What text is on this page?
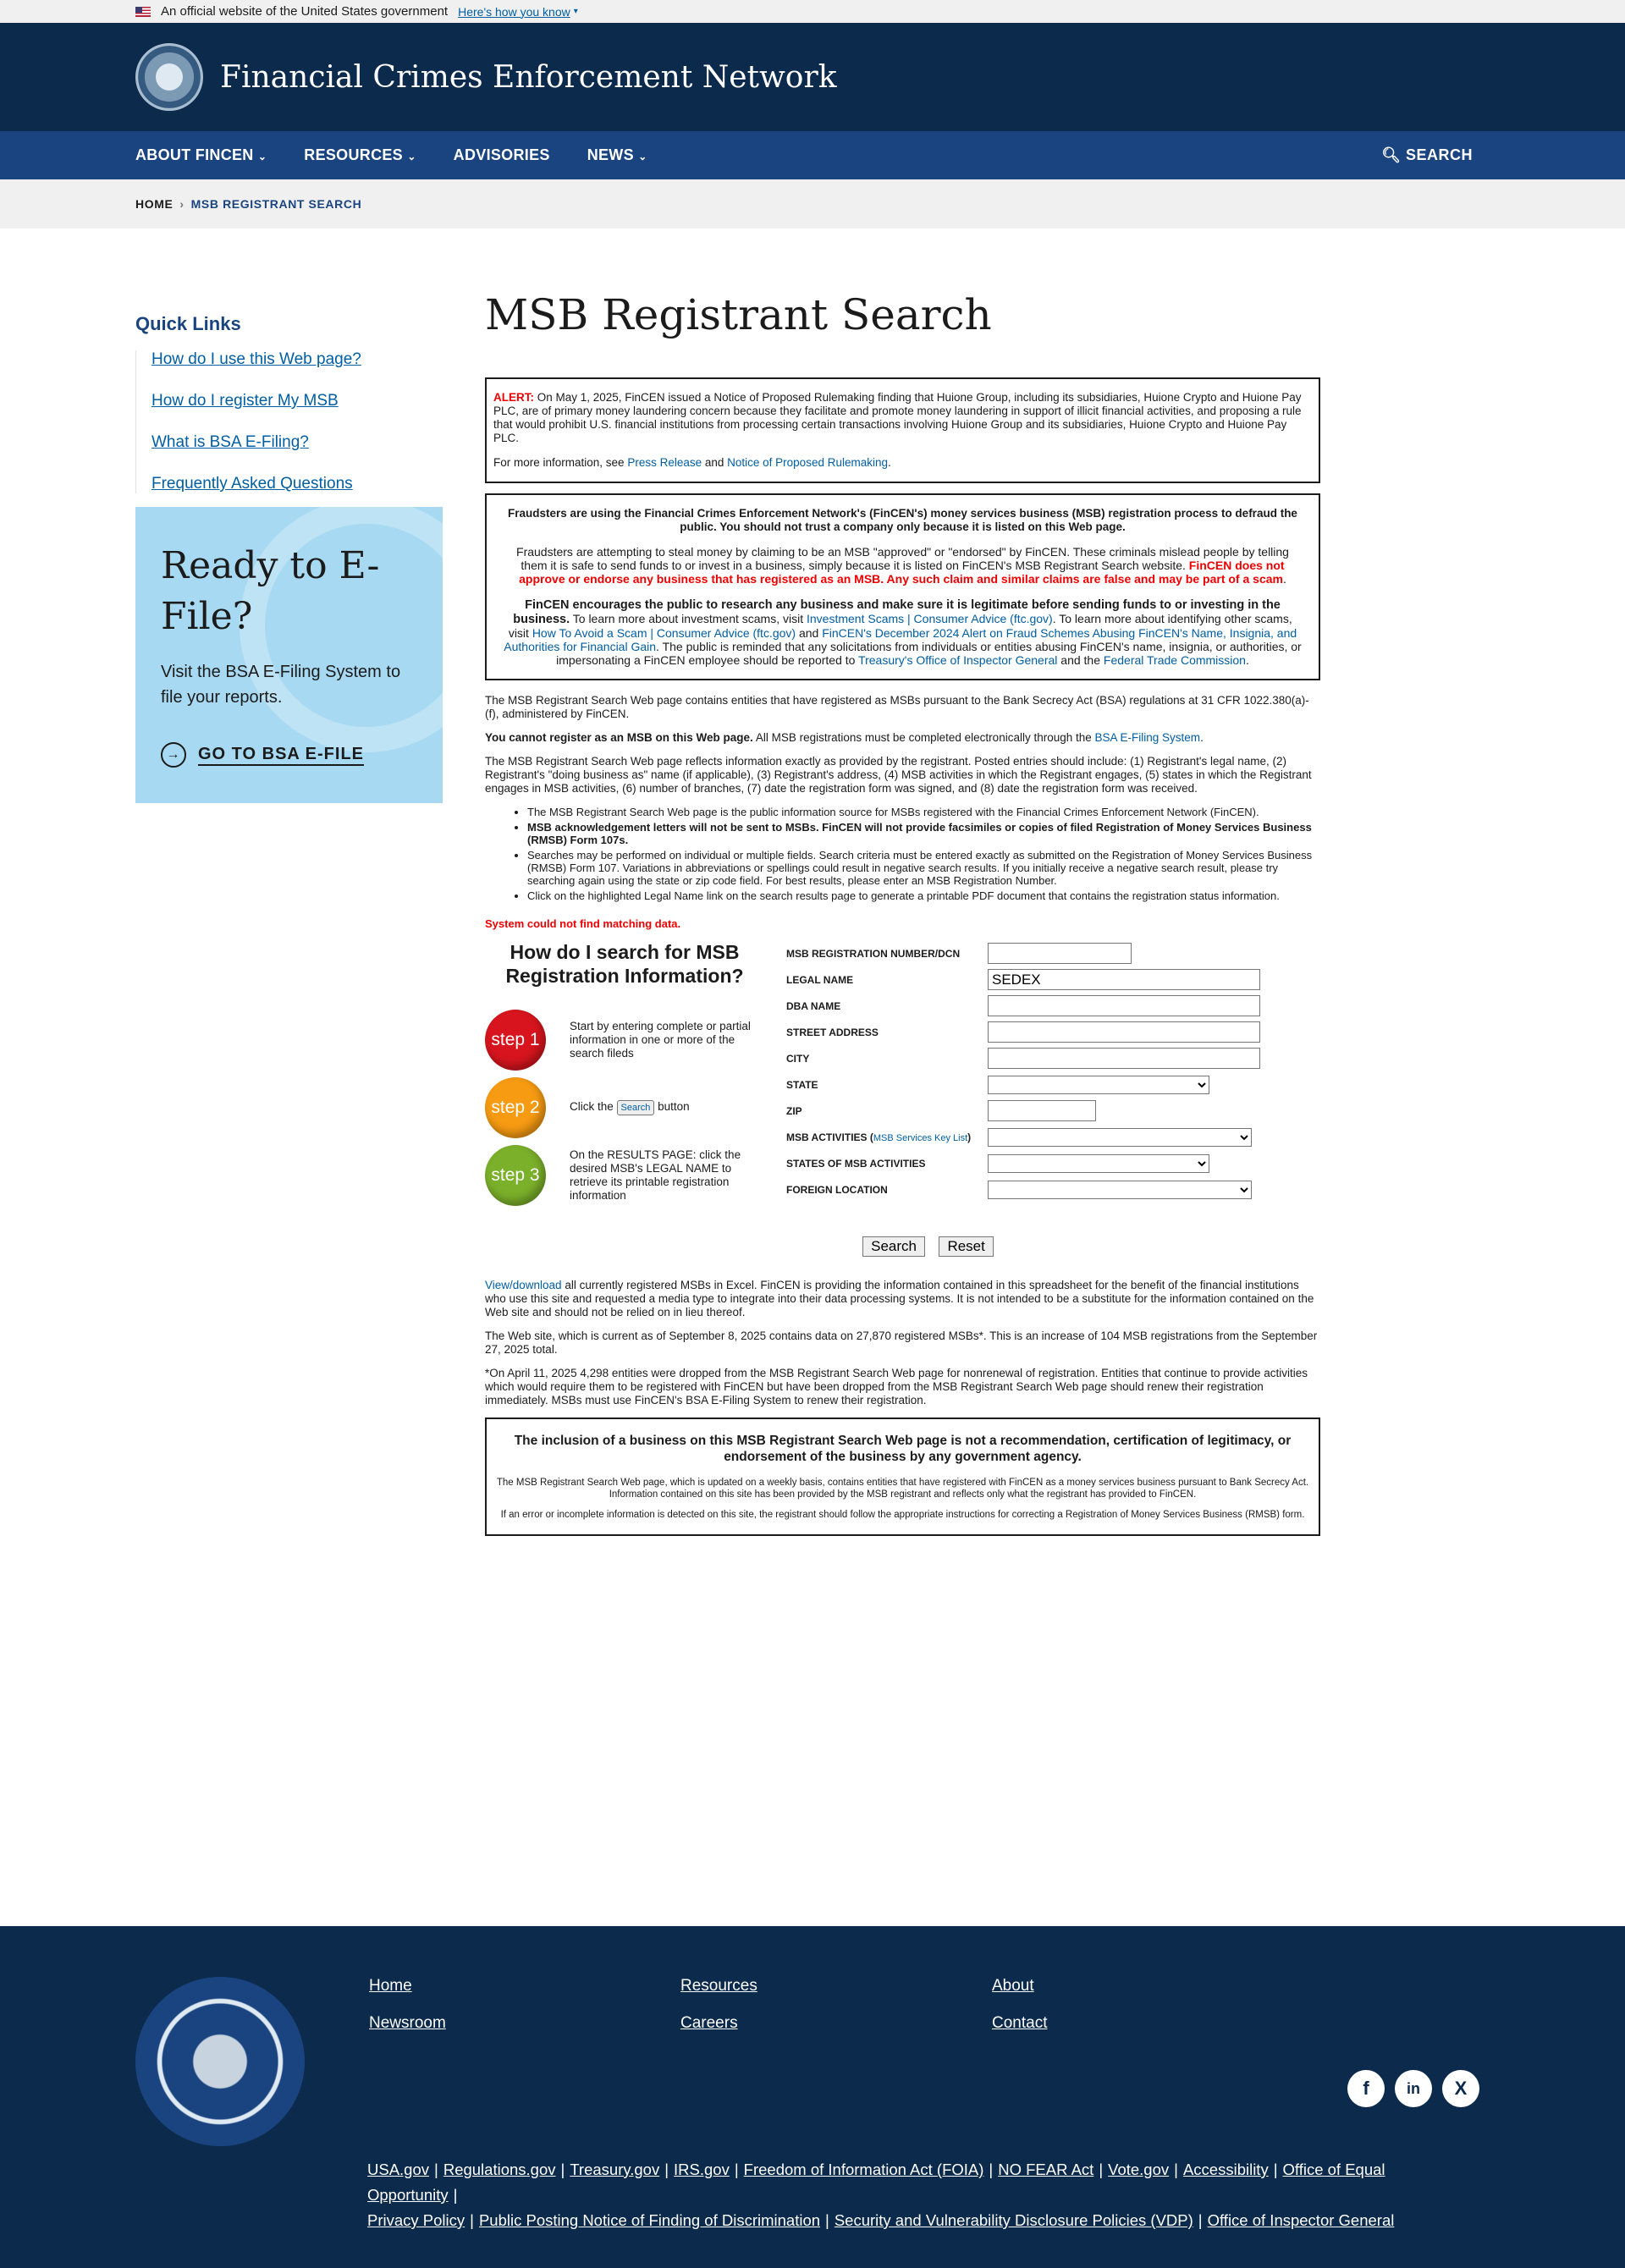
An official website of the United States government Here's how you know ▾
Financial Crimes Enforcement Network
ABOUT FINCEN ⌄ RESOURCES ⌄ ADVISORIES NEWS ⌄	🔍︎ SEARCH
HOME › MSB REGISTRANT SEARCH
Quick Links
How do I use this Web page?
How do I register My MSB
What is BSA E-Filing?
Frequently Asked Questions
Ready to E-File?

Visit the BSA E-Filing System to file your reports.

→	GO TO BSA E-FILE
MSB Registrant Search

ALERT: On May 1, 2025, FinCEN issued a Notice of Proposed Rulemaking finding that Huione Group, including its subsidiaries, Huione Crypto and Huione Pay PLC, are of primary money laundering concern because they facilitate and promote money laundering in support of illicit financial activities, and proposing a rule that would prohibit U.S. financial institutions from processing certain transactions involving Huione Group and its subsidiaries, Huione Crypto and Huione Pay PLC.

For more information, see Press Release and Notice of Proposed Rulemaking.

Fraudsters are using the Financial Crimes Enforcement Network's (FinCEN's) money services business (MSB) registration process to defraud the public. You should not trust a company only because it is listed on this Web page.

Fraudsters are attempting to steal money by claiming to be an MSB "approved" or "endorsed" by FinCEN. These criminals mislead people by telling them it is safe to send funds to or invest in a business, simply because it is listed on FinCEN's MSB Registrant Search website. FinCEN does not approve or endorse any business that has registered as an MSB. Any such claim and similar claims are false and may be part of a scam.

FinCEN encourages the public to research any business and make sure it is legitimate before sending funds to or investing in the business. To learn more about investment scams, visit Investment Scams | Consumer Advice (ftc.gov). To learn more about identifying other scams, visit How To Avoid a Scam | Consumer Advice (ftc.gov) and FinCEN's December 2024 Alert on Fraud Schemes Abusing FinCEN's Name, Insignia, and Authorities for Financial Gain. The public is reminded that any solicitations from individuals or entities abusing FinCEN's name, insignia, or authorities, or impersonating a FinCEN employee should be reported to Treasury's Office of Inspector General and the Federal Trade Commission.

The MSB Registrant Search Web page contains entities that have registered as MSBs pursuant to the Bank Secrecy Act (BSA) regulations at 31 CFR 1022.380(a)-(f), administered by FinCEN.

You cannot register as an MSB on this Web page. All MSB registrations must be completed electronically through the BSA E-Filing System.

The MSB Registrant Search Web page reflects information exactly as provided by the registrant. Posted entries should include: (1) Registrant's legal name, (2) Registrant's "doing business as" name (if applicable), (3) Registrant's address, (4) MSB activities in which the Registrant engages, (5) states in which the Registrant engages in MSB activities, (6) number of branches, (7) date the registration form was signed, and (8) date the registration form was received.

• The MSB Registrant Search Web page is the public information source for MSBs registered with the Financial Crimes Enforcement Network (FinCEN).
• MSB acknowledgement letters will not be sent to MSBs. FinCEN will not provide facsimiles or copies of filed Registration of Money Services Business (RMSB) Form 107s.
• Searches may be performed on individual or multiple fields. Search criteria must be entered exactly as submitted on the Registration of Money Services Business (RMSB) Form 107. Variations in abbreviations or spellings could result in negative search results. If you initially receive a negative search result, please try searching again using the state or zip code field. For best results, please enter an MSB Registration Number.
• Click on the highlighted Legal Name link on the search results page to generate a printable PDF document that contains the registration status information.
System could not find matching data.
How do I search for MSB Registration Information?
step 1
Start by entering complete or partial information in one or more of the search fileds
step 2	Click the Search button
step 3
On the RESULTS PAGE: click the desired MSB's LEGAL NAME to retrieve its printable registration information
MSB REGISTRATION NUMBER/DCN
LEGAL NAME
SEDEX
DBA NAME
STREET ADDRESS
CITY
STATE
ZIP
MSB ACTIVITIES (MSB Services Key List)
STATES OF MSB ACTIVITIES
FOREIGN LOCATION
Search Reset

View/download all currently registered MSBs in Excel. FinCEN is providing the information contained in this spreadsheet for the benefit of the financial institutions who use this site and requested a media type to integrate into their data processing systems. It is not intended to be a substitute for the information contained on the Web site and should not be relied on in lieu thereof.

The Web site, which is current as of September 8, 2025 contains data on 27,870 registered MSBs*. This is an increase of 104 MSB registrations from the September 27, 2025 total.

*On April 11, 2025 4,298 entities were dropped from the MSB Registrant Search Web page for nonrenewal of registration. Entities that continue to provide activities which would require them to be registered with FinCEN but have been dropped from the MSB Registrant Search Web page should renew their registration immediately. MSBs must use FinCEN's BSA E-Filing System to renew their registration.

The inclusion of a business on this MSB Registrant Search Web page is not a recommendation, certification of legitimacy, or endorsement of the business by any government agency.

The MSB Registrant Search Web page, which is updated on a weekly basis, contains entities that have registered with FinCEN as a money services business pursuant to Bank Secrecy Act. Information contained on this site has been provided by the MSB registrant and reflects only what the registrant has provided to FinCEN.

If an error or incomplete information is detected on this site, the registrant should follow the appropriate instructions for correcting a Registration of Money Services Business (RMSB) form.

Home	Resources	About
Newsroom	Careers	Contact
f	in	X
USA.gov | Regulations.gov | Treasury.gov | IRS.gov | Freedom of Information Act (FOIA) | NO FEAR Act | Vote.gov | Accessibility | Office of Equal Opportunity |
Privacy Policy | Public Posting Notice of Finding of Discrimination | Security and Vulnerability Disclosure Policies (VDP) | Office of Inspector General
